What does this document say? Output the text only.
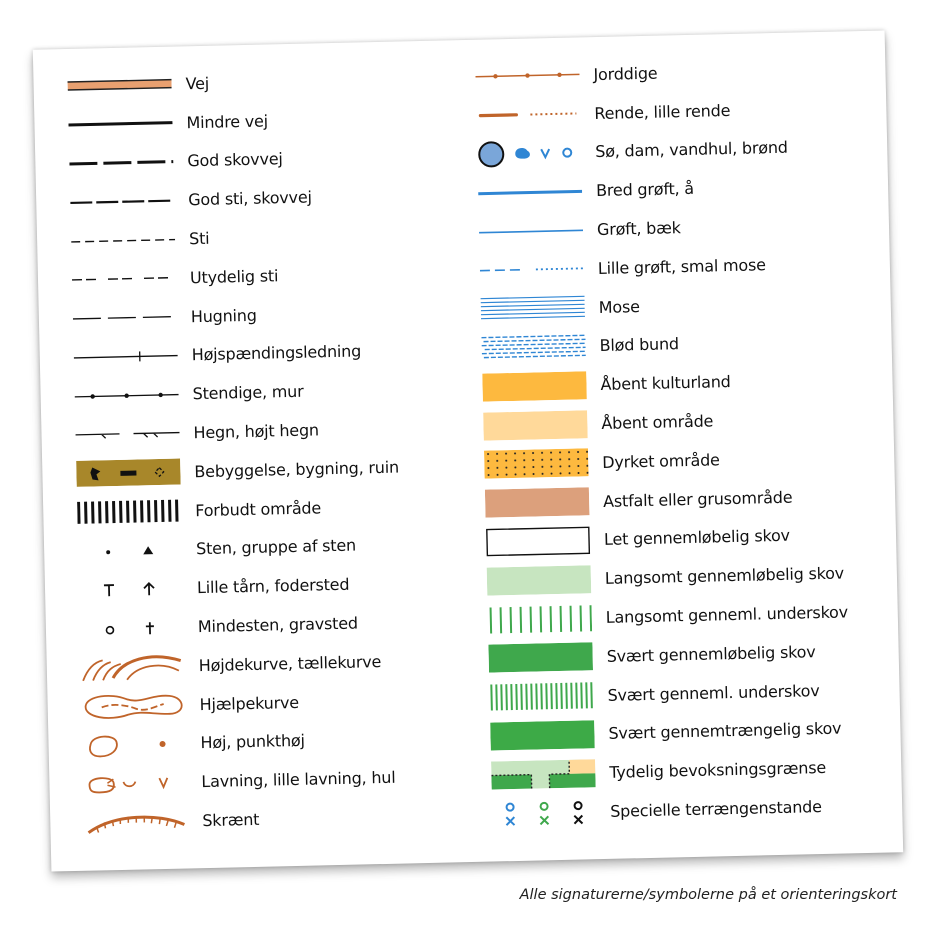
Vej
Mindre vej
God skovvej
God sti, skovvej
Sti
Utydelig sti
Hugning
Højspændingsledning
Stendige, mur
Hegn, højt hegn
Bebyggelse, bygning, ruin
Forbudt område
Sten, gruppe af sten
Lille tårn, fodersted
Mindesten, gravsted
Højdekurve, tællekurve
Hjælpekurve
Høj, punkthøj
Lavning, lille lavning, hul
Skrænt
Jorddige
Rende, lille rende
Sø, dam, vandhul, brønd
Bred grøft, å
Grøft, bæk
Lille grøft, smal mose
Mose
Blød bund
Åbent kulturland
Åbent område
Dyrket område
Astfalt eller grusområde
Let gennemløbelig skov
Langsomt gennemløbelig skov
Langsomt genneml. underskov
Svært gennemløbelig skov
Svært genneml. underskov
Svært gennemtrængelig skov
Tydelig bevoksningsgrænse
Specielle terrængenstande
Alle signaturerne/symbolerne på et orienteringskort
